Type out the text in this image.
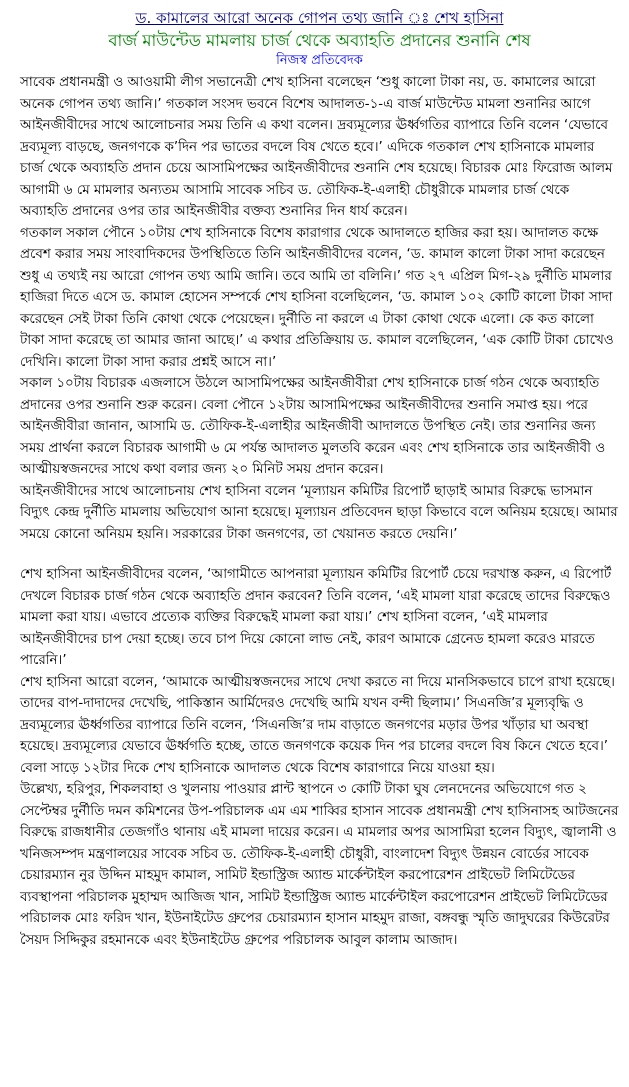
ড. কামালের আরো অনেক গোপন তথ্য জানি ঃ শেখ হাসিনা

বার্জ মাউন্টেড মামলায় চার্জ থেকে অব্যাহতি প্রদানের শুনানি শেষ

নিজস্ব প্রতিবেদক

সাবেক প্রধানমন্ত্রী ও আওয়ামী লীগ সভানেত্রী শেখ হাসিনা বলেছেন ‘শুধু কালো টাকা নয়, ড. কামালের আরো অনেক গোপন তথ্য জানি।’ গতকাল সংসদ ভবনে বিশেষ আদালত-১-এ বার্জ মাউন্টেড মামলা শুনানির আগে আইনজীবীদের সাথে আলোচনার সময় তিনি এ কথা বলেন। দ্রব্যমূল্যের ঊর্ধ্বগতির ব্যাপারে তিনি বলেন ‘যেভাবে দ্রব্যমূল্য বাড়ছে, জনগণকে ক’দিন পর ভাতের বদলে বিষ খেতে হবে।’ এদিকে গতকাল শেখ হাসিনাকে মামলার চার্জ থেকে অব্যাহতি প্রদান চেয়ে আসামিপক্ষের আইনজীবীদের শুনানি শেষ হয়েছে। বিচারক মোঃ ফিরোজ আলম আগামী ৬ মে মামলার অন্যতম আসামি সাবেক সচিব ড. তৌফিক-ই-এলাহী চৌধুরীকে মামলার চার্জ থেকে অব্যাহতি প্রদানের ওপর তার আইনজীবীর বক্তব্য শুনানির দিন ধার্য করেন।

গতকাল সকাল পৌনে ১০টায় শেখ হাসিনাকে বিশেষ কারাগার থেকে আদালতে হাজির করা হয়। আদালত কক্ষে প্রবেশ করার সময় সাংবাদিকদের উপস্থিতিতে তিনি আইনজীবীদের বলেন, ‘ড. কামাল কালো টাকা সাদা করেছেন শুধু এ তথ্যই নয় আরো গোপন তথ্য আমি জানি। তবে আমি তা বলিনি।’ গত ২৭ এপ্রিল মিগ-২৯ দুর্নীতি মামলার হাজিরা দিতে এসে ড. কামাল হোসেন সম্পর্কে শেখ হাসিনা বলেছিলেন, ‘ড. কামাল ১০২ কোটি কালো টাকা সাদা করেছেন সেই টাকা তিনি কোথা থেকে পেয়েছেন। দুর্নীতি না করলে এ টাকা কোথা থেকে এলো। কে কত কালো টাকা সাদা করেছে তা আমার জানা আছে।’ এ কথার প্রতিক্রিয়ায় ড. কামাল বলেছিলেন, ‘এক কোটি টাকা চোখেও দেখিনি। কালো টাকা সাদা করার প্রশ্নই আসে না।’

সকাল ১০টায় বিচারক এজলাসে উঠলে আসামিপক্ষের আইনজীবীরা শেখ হাসিনাকে চার্জ গঠন থেকে অব্যাহতি প্রদানের ওপর শুনানি শুরু করেন। বেলা পৌনে ১২টায় আসামিপক্ষের আইনজীবীদের শুনানি সমাপ্ত হয়। পরে আইনজীবীরা জানান, আসামি ড. তৌফিক-ই-এলাহীর আইনজীবী আদালতে উপস্থিত নেই। তার শুনানির জন্য সময় প্রার্থনা করলে বিচারক আগামী ৬ মে পর্যন্ত আদালত মুলতবি করেন এবং শেখ হাসিনাকে তার আইনজীবী ও আত্মীয়স্বজনদের সাথে কথা বলার জন্য ২০ মিনিট সময় প্রদান করেন।

আইনজীবীদের সাথে আলোচনায় শেখ হাসিনা বলেন ‘মূল্যায়ন কমিটির রিপোর্ট ছাড়াই আমার বিরুদ্ধে ভাসমান বিদ্যুৎ কেন্দ্র দুর্নীতি মামলায় অভিযোগ আনা হয়েছে। মূল্যায়ন প্রতিবেদন ছাড়া কিভাবে বলে অনিয়ম হয়েছে। আমার সময়ে কোনো অনিয়ম হয়নি। সরকারের টাকা জনগণের, তা খেয়ানত করতে দেয়নি।’

শেখ হাসিনা আইনজীবীদের বলেন, ‘আগামীতে আপনারা মূল্যায়ন কমিটির রিপোর্ট চেয়ে দরখাস্ত করুন, এ রিপোর্ট দেখলে বিচারক চার্জ গঠন থেকে অব্যাহতি প্রদান করবেন? তিনি বলেন, ‘এই মামলা যারা করেছে তাদের বিরুদ্ধেও মামলা করা যায়। এভাবে প্রত্যেক ব্যক্তির বিরুদ্ধেই মামলা করা যায়।’ শেখ হাসিনা বলেন, ‘এই মামলার আইনজীবীদের চাপ দেয়া হচ্ছে। তবে চাপ দিয়ে কোনো লাভ নেই, কারণ আমাকে গ্রেনেড হামলা করেও মারতে পারেনি।’

শেখ হাসিনা আরো বলেন, ‘আমাকে আত্মীয়স্বজনদের সাথে দেখা করতে না দিয়ে মানসিকভাবে চাপে রাখা হয়েছে। তাদের বাপ-দাদাদের দেখেছি, পাকিস্তান আর্মিদেরও দেখেছি আমি যখন বন্দী ছিলাম।’ সিএনজি’র মূল্যবৃদ্ধি ও দ্রব্যমূল্যের ঊর্ধ্বগতির ব্যাপারে তিনি বলেন, ‘সিএনজি’র দাম বাড়াতে জনগণের মড়ার উপর খাঁড়ার ঘা অবস্থা হয়েছে। দ্রব্যমূল্যের যেভাবে ঊর্ধ্বগতি হচ্ছে, তাতে জনগণকে কয়েক দিন পর চালের বদলে বিষ কিনে খেতে হবে।’ বেলা সাড়ে ১২টার দিকে শেখ হাসিনাকে আদালত থেকে বিশেষ কারাগারে নিয়ে যাওয়া হয়।

উল্লেখ্য, হরিপুর, শিকলবাহা ও খুলনায় পাওয়ার প্লান্ট স্থাপনে ৩ কোটি টাকা ঘুষ লেনদেনের অভিযোগে গত ২ সেপ্টেম্বর দুর্নীতি দমন কমিশনের উপ-পরিচালক এম এম শাব্বির হাসান সাবেক প্রধানমন্ত্রী শেখ হাসিনাসহ আটজনের বিরুদ্ধে রাজধানীর তেজগাঁও থানায় এই মামলা দায়ের করেন। এ মামলার অপর আসামিরা হলেন বিদ্যুৎ, জ্বালানী ও খনিজসম্পদ মন্ত্রণালয়ের সাবেক সচিব ড. তৌফিক-ই-এলাহী চৌধুরী, বাংলাদেশ বিদ্যুৎ উন্নয়ন বোর্ডের সাবেক চেয়ারম্যান নুর উদ্দিন মাহমুদ কামাল, সামিট ইন্ডাস্ট্রিজ অ্যান্ড মার্কেন্টাইল করপোরেশন প্রাইভেট লিমিটেডের ব্যবস্থাপনা পরিচালক মুহাম্মদ আজিজ খান, সামিট ইন্ডাস্ট্রিজ অ্যান্ড মার্কেন্টাইল করপোরেশন প্রাইভেট লিমিটেডের পরিচালক মোঃ ফরিদ খান, ইউনাইটেড গ্রুপের চেয়ারম্যান হাসান মাহমুদ রাজা, বঙ্গবন্ধু স্মৃতি জাদুঘরের কিউরেটর সৈয়দ সিদ্দিকুর রহমানকে এবং ইউনাইটেড গ্রুপের পরিচালক আবুল কালাম আজাদ।
